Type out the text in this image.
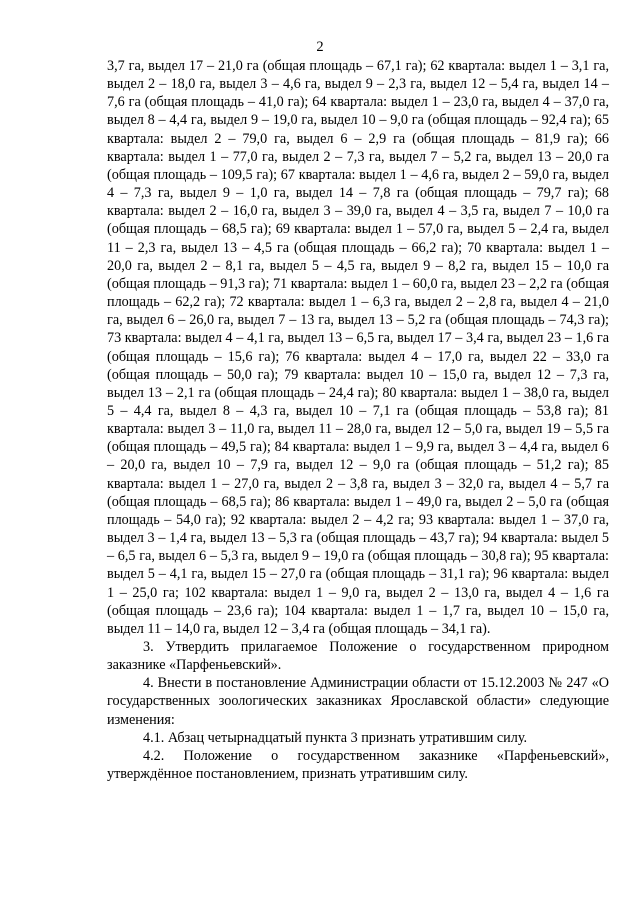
2

3,7 га, выдел 17 – 21,0 га (общая площадь – 67,1 га); 62 квартала: выдел 1 – 3,1 га, выдел 2 – 18,0 га, выдел 3 – 4,6 га, выдел 9 – 2,3 га, выдел 12 – 5,4 га, выдел 14 – 7,6 га (общая площадь – 41,0 га); 64 квартала: выдел 1 – 23,0 га, выдел 4 – 37,0 га, выдел 8 – 4,4 га, выдел 9 – 19,0 га, выдел 10 – 9,0 га (общая площадь – 92,4 га); 65 квартала: выдел 2 – 79,0 га, выдел 6 – 2,9 га (общая площадь – 81,9 га); 66 квартала: выдел 1 – 77,0 га, выдел 2 – 7,3 га, выдел 7 – 5,2 га, выдел 13 – 20,0 га (общая площадь – 109,5 га); 67 квартала: выдел 1 – 4,6 га, выдел 2 – 59,0 га, выдел 4 – 7,3 га, выдел 9 – 1,0 га, выдел 14 – 7,8 га (общая площадь – 79,7 га); 68 квартала: выдел 2 – 16,0 га, выдел 3 – 39,0 га, выдел 4 – 3,5 га, выдел 7 – 10,0 га (общая площадь – 68,5 га); 69 квартала: выдел 1 – 57,0 га, выдел 5 – 2,4 га, выдел 11 – 2,3 га, выдел 13 – 4,5 га (общая площадь – 66,2 га); 70 квартала: выдел 1 – 20,0 га, выдел 2 – 8,1 га, выдел 5 – 4,5 га, выдел 9 – 8,2 га, выдел 15 – 10,0 га (общая площадь – 91,3 га); 71 квартала: выдел 1 – 60,0 га, выдел 23 – 2,2 га (общая площадь – 62,2 га); 72 квартала: выдел 1 – 6,3 га, выдел 2 – 2,8 га, выдел 4 – 21,0 га, выдел 6 – 26,0 га, выдел 7 – 13 га, выдел 13 – 5,2 га (общая площадь – 74,3 га); 73 квартала: выдел 4 – 4,1 га, выдел 13 – 6,5 га, выдел 17 – 3,4 га, выдел 23 – 1,6 га (общая площадь – 15,6 га); 76 квартала: выдел 4 – 17,0 га, выдел 22 – 33,0 га (общая площадь – 50,0 га); 79 квартала: выдел 10 – 15,0 га, выдел 12 – 7,3 га, выдел 13 – 2,1 га (общая площадь – 24,4 га); 80 квартала: выдел 1 – 38,0 га, выдел 5 – 4,4 га, выдел 8 – 4,3 га, выдел 10 – 7,1 га (общая площадь – 53,8 га); 81 квартала: выдел 3 – 11,0 га, выдел 11 – 28,0 га, выдел 12 – 5,0 га, выдел 19 – 5,5 га (общая площадь – 49,5 га); 84 квартала: выдел 1 – 9,9 га, выдел 3 – 4,4 га, выдел 6 – 20,0 га, выдел 10 – 7,9 га, выдел 12 – 9,0 га (общая площадь – 51,2 га); 85 квартала: выдел 1 – 27,0 га, выдел 2 – 3,8 га, выдел 3 – 32,0 га, выдел 4 – 5,7 га (общая площадь – 68,5 га); 86 квартала: выдел 1 – 49,0 га, выдел 2 – 5,0 га (общая площадь – 54,0 га); 92 квартала: выдел 2 – 4,2 га; 93 квартала: выдел 1 – 37,0 га, выдел 3 – 1,4 га, выдел 13 – 5,3 га (общая площадь – 43,7 га); 94 квартала: выдел 5 – 6,5 га, выдел 6 – 5,3 га, выдел 9 – 19,0 га (общая площадь – 30,8 га); 95 квартала: выдел 5 – 4,1 га, выдел 15 – 27,0 га (общая площадь – 31,1 га); 96 квартала: выдел 1 – 25,0 га; 102 квартала: выдел 1 – 9,0 га, выдел 2 – 13,0 га, выдел 4 – 1,6 га (общая площадь – 23,6 га); 104 квартала: выдел 1 – 1,7 га, выдел 10 – 15,0 га, выдел 11 – 14,0 га, выдел 12 – 3,4 га (общая площадь – 34,1 га).

3. Утвердить прилагаемое Положение о государственном природном заказнике «Парфеньевский».

4. Внести в постановление Администрации области от 15.12.2003 № 247 «О государственных зоологических заказниках Ярославской области» следующие изменения:

4.1. Абзац четырнадцатый пункта 3 признать утратившим силу.

4.2. Положение о государственном заказнике «Парфеньевский», утверждённое постановлением, признать утратившим силу.
